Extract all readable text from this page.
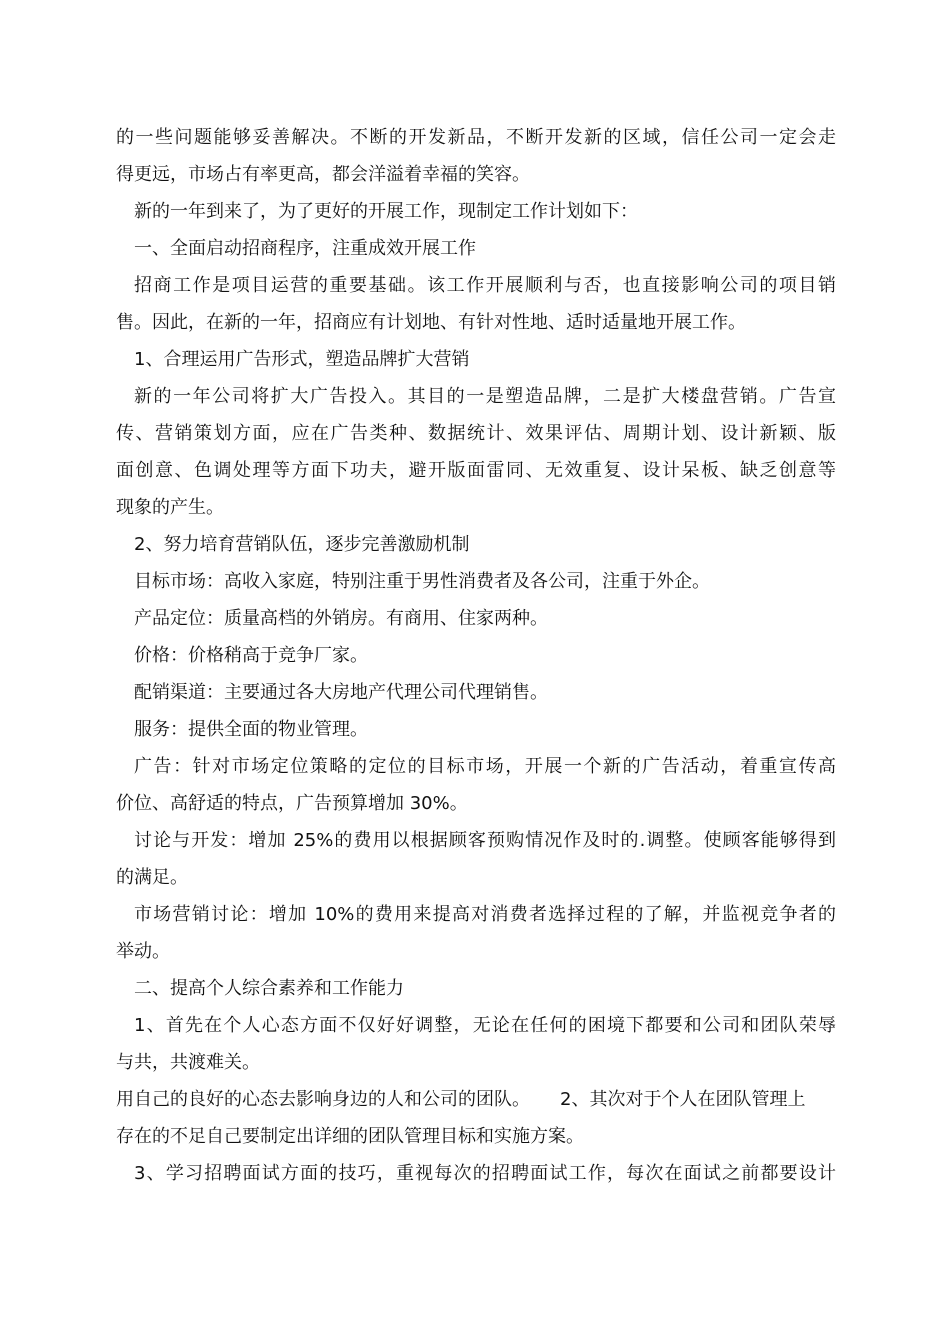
的一些问题能够妥善解决。不断的开发新品，不断开发新的区域，信任公司一定会走
得更远，市场占有率更高，都会洋溢着幸福的笑容。
新的一年到来了，为了更好的开展工作，现制定工作计划如下：
一、全面启动招商程序，注重成效开展工作
招商工作是项目运营的重要基础。该工作开展顺利与否，也直接影响公司的项目销
售。因此，在新的一年，招商应有计划地、有针对性地、适时适量地开展工作。
1、合理运用广告形式，塑造品牌扩大营销
新的一年公司将扩大广告投入。其目的一是塑造品牌，二是扩大楼盘营销。广告宣
传、营销策划方面，应在广告类种、数据统计、效果评估、周期计划、设计新颖、版
面创意、色调处理等方面下功夫，避开版面雷同、无效重复、设计呆板、缺乏创意等
现象的产生。
2、努力培育营销队伍，逐步完善激励机制
目标市场：高收入家庭，特别注重于男性消费者及各公司，注重于外企。
产品定位：质量高档的外销房。有商用、住家两种。
价格：价格稍高于竞争厂家。
配销渠道：主要通过各大房地产代理公司代理销售。
服务：提供全面的物业管理。
广告：针对市场定位策略的定位的目标市场，开展一个新的广告活动，着重宣传高
价位、高舒适的特点，广告预算增加 30%。
讨论与开发：增加 25%的费用以根据顾客预购情况作及时的.调整。使顾客能够得到
的满足。
市场营销讨论：增加 10%的费用来提高对消费者选择过程的了解，并监视竞争者的
举动。
二、提高个人综合素养和工作能力
1、首先在个人心态方面不仅好好调整，无论在任何的困境下都要和公司和团队荣辱
与共，共渡难关。
用自己的良好的心态去影响身边的人和公司的团队。 2、其次对于个人在团队管理上
存在的不足自己要制定出详细的团队管理目标和实施方案。
3、学习招聘面试方面的技巧，重视每次的招聘面试工作，每次在面试之前都要设计
